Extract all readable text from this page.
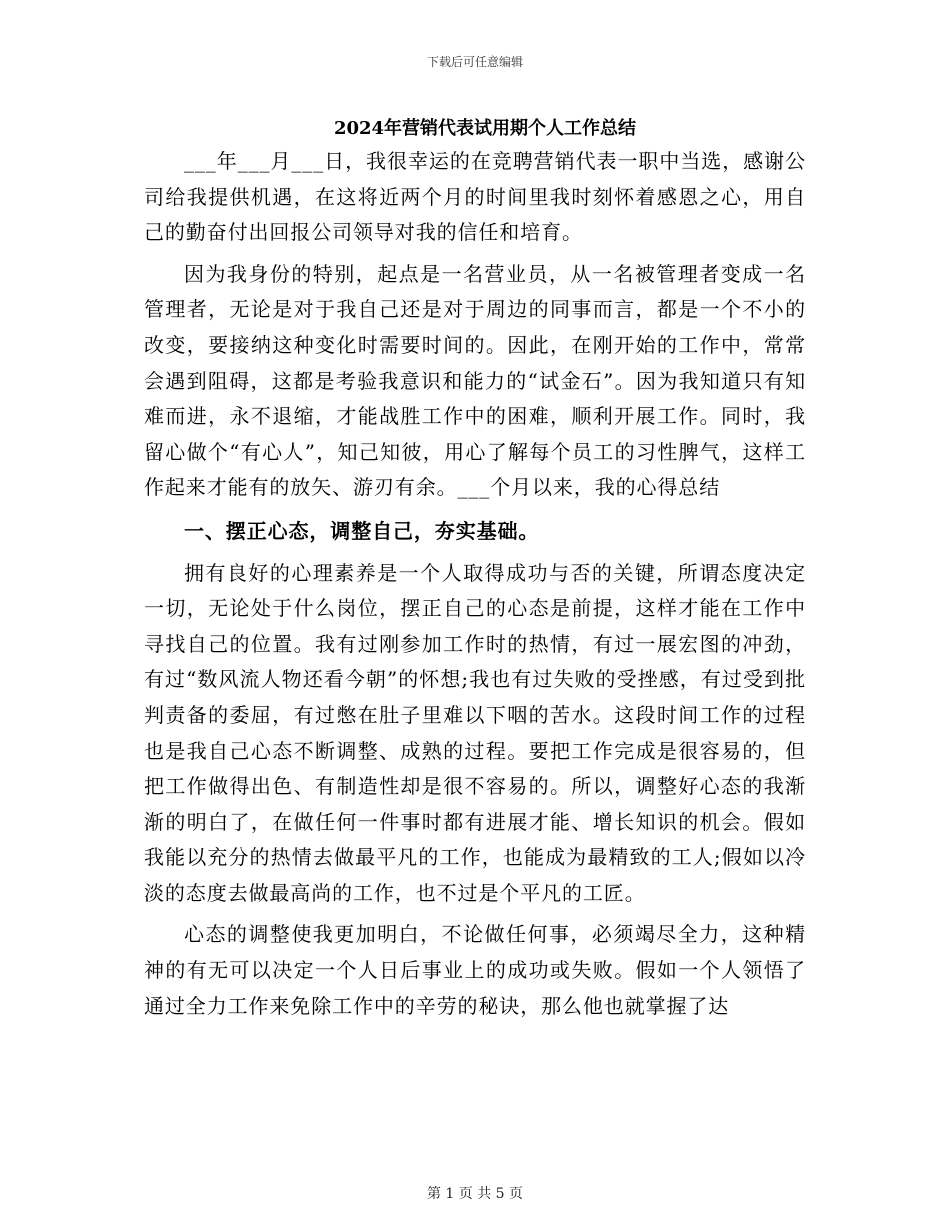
下载后可任意编辑
2024年营销代表试用期个人工作总结

___年___月___日，我很幸运的在竞聘营销代表一职中当选，感谢公司给我提供机遇，在这将近两个月的时间里我时刻怀着感恩之心，用自己的勤奋付出回报公司领导对我的信任和培育。

因为我身份的特别，起点是一名营业员，从一名被管理者变成一名管理者，无论是对于我自己还是对于周边的同事而言，都是一个不小的改变，要接纳这种变化时需要时间的。因此，在刚开始的工作中，常常会遇到阻碍，这都是考验我意识和能力的“试金石”。因为我知道只有知难而进，永不退缩，才能战胜工作中的困难，顺利开展工作。同时，我留心做个“有心人”，知己知彼，用心了解每个员工的习性脾气，这样工作起来才能有的放矢、游刃有余。___个月以来，我的心得总结

一、摆正心态，调整自己，夯实基础。

拥有良好的心理素养是一个人取得成功与否的关键，所谓态度决定一切，无论处于什么岗位，摆正自己的心态是前提，这样才能在工作中寻找自己的位置。我有过刚参加工作时的热情，有过一展宏图的冲劲，有过“数风流人物还看今朝”的怀想;我也有过失败的受挫感，有过受到批判责备的委屈，有过憋在肚子里难以下咽的苦水。这段时间工作的过程也是我自己心态不断调整、成熟的过程。要把工作完成是很容易的，但把工作做得出色、有制造性却是很不容易的。所以，调整好心态的我渐渐的明白了，在做任何一件事时都有进展才能、增长知识的机会。假如我能以充分的热情去做最平凡的工作，也能成为最精致的工人;假如以冷淡的态度去做最高尚的工作，也不过是个平凡的工匠。

心态的调整使我更加明白，不论做任何事，必须竭尽全力，这种精神的有无可以决定一个人日后事业上的成功或失败。假如一个人领悟了通过全力工作来免除工作中的辛劳的秘诀，那么他也就掌握了达

第 1 页 共 5 页
